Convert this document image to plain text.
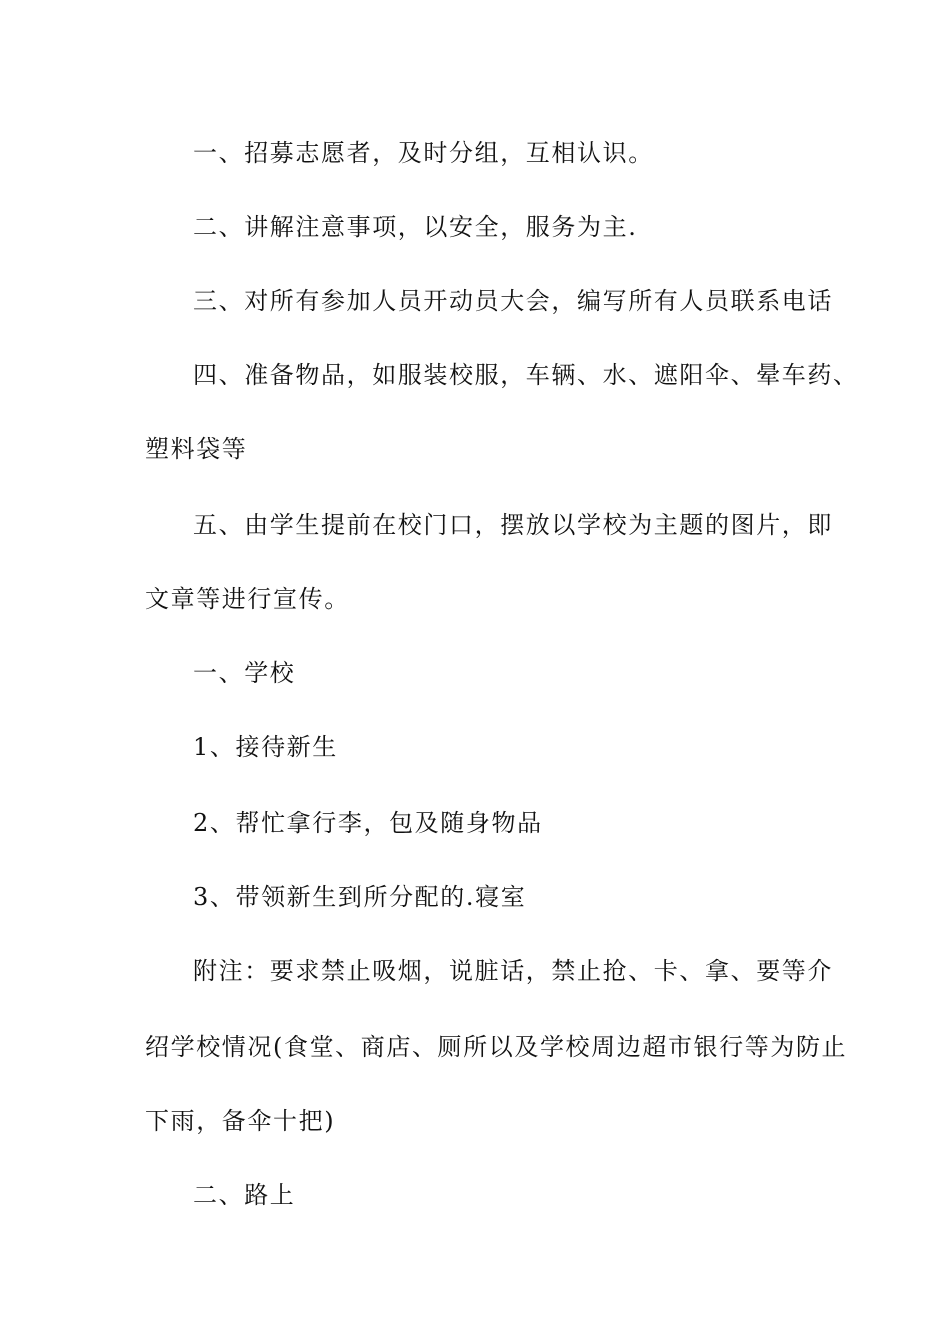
一、招募志愿者，及时分组，互相认识。
二、讲解注意事项，以安全，服务为主.
三、对所有参加人员开动员大会，编写所有人员联系电话
四、准备物品，如服装校服，车辆、水、遮阳伞、晕车药、
塑料袋等
五、由学生提前在校门口，摆放以学校为主题的图片，即
文章等进行宣传。
一、学校
1、接待新生
2、帮忙拿行李，包及随身物品
3、带领新生到所分配的.寝室
附注：要求禁止吸烟，说脏话，禁止抢、卡、拿、要等介
绍学校情况(食堂、商店、厕所以及学校周边超市银行等为防止
下雨，备伞十把)
二、路上
